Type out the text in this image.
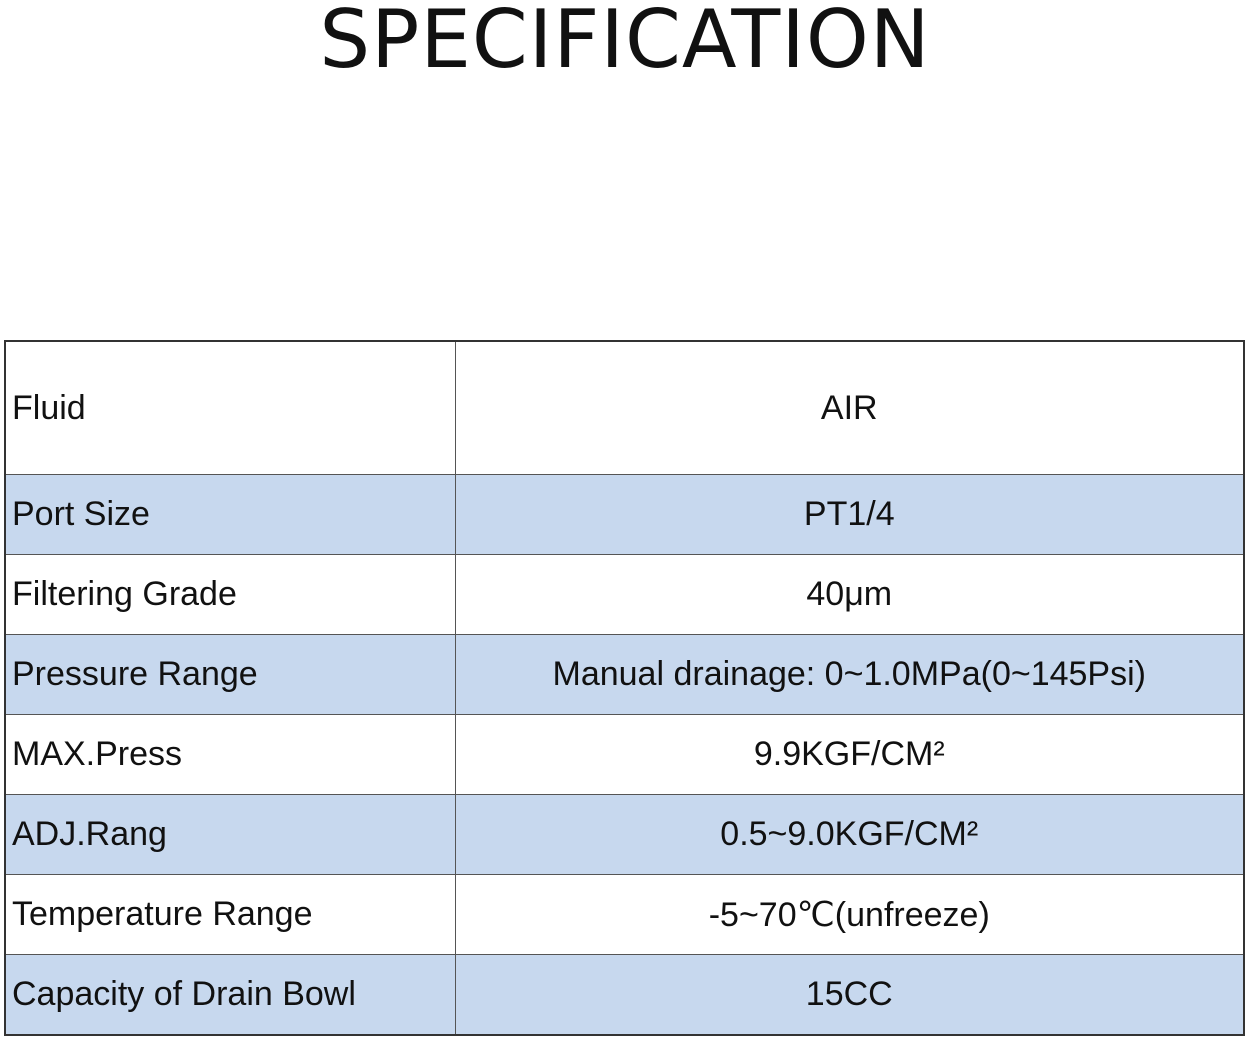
SPECIFICATION
Fluid	AIR
Port Size	PT1/4
Filtering Grade	40μm
Pressure Range	Manual drainage: 0~1.0MPa(0~145Psi)
MAX.Press	9.9KGF/CM²
ADJ.Rang	0.5~9.0KGF/CM²
Temperature Range	-5~70℃(unfreeze)
Capacity of Drain Bowl	15CC
